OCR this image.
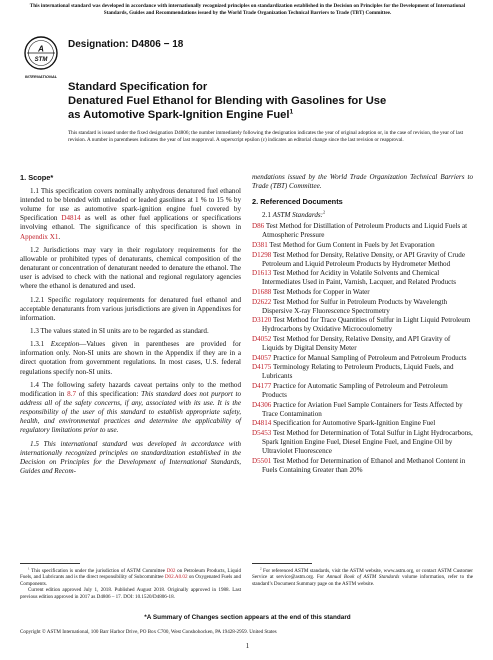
This international standard was developed in accordance with internationally recognized principles on standardization established in the Decision on Principles for the Development of International Standards, Guides and Recommendations issued by the World Trade Organization Technical Barriers to Trade (TBT) Committee.
A
STM
INTERNATIONAL
Designation: D4806 − 18
Standard Specification for
Denatured Fuel Ethanol for Blending with Gasolines for Use
as Automotive Spark-Ignition Engine Fuel$^1$
This standard is issued under the fixed designation D4806; the number immediately following the designation indicates the year of original adoption or, in the case of revision, the year of last revision. A number in parentheses indicates the year of last reapproval. A superscript epsilon (ε) indicates an editorial change since the last revision or reapproval.
1. Scope*

1.1 This specification covers nominally anhydrous denatured fuel ethanol intended to be blended with unleaded or leaded gasolines at 1 % to 15 % by volume for use as automotive spark-ignition engine fuel covered by Specification D4814 as well as other fuel applications or specifications involving ethanol. The significance of this specification is shown in Appendix X1.

1.2 Jurisdictions may vary in their regulatory requirements for the allowable or prohibited types of denaturants, chemical composition of the denaturant or concentration of denaturant needed to denature the ethanol. The user is advised to check with the national and regional regulatory agencies where the ethanol is denatured and used.

1.2.1 Specific regulatory requirements for denatured fuel ethanol and acceptable denaturants from various jurisdictions are given in Appendixes for information.

1.3 The values stated in SI units are to be regarded as standard.

1.3.1 Exception—Values given in parentheses are provided for information only. Non-SI units are shown in the Appendix if they are in a direct quotation from government regulations. In most cases, U.S. federal regulations specify non-SI units.

1.4 The following safety hazards caveat pertains only to the method modification in 8.7 of this specification: This standard does not purport to address all of the safety concerns, if any, associated with its use. It is the responsibility of the user of this standard to establish appropriate safety, health, and environmental practices and determine the applicability of regulatory limitations prior to use.

1.5 This international standard was developed in accordance with internationally recognized principles on standardization established in the Decision on Principles for the Development of International Standards, Guides and Recom-

mendations issued by the World Trade Organization Technical Barriers to Trade (TBT) Committee.

2. Referenced Documents

2.1 ASTM Standards:$^2$

D86 Test Method for Distillation of Petroleum Products and Liquid Fuels at Atmospheric Pressure
D381 Test Method for Gum Content in Fuels by Jet Evaporation
D1298 Test Method for Density, Relative Density, or API Gravity of Crude Petroleum and Liquid Petroleum Products by Hydrometer Method
D1613 Test Method for Acidity in Volatile Solvents and Chemical Intermediates Used in Paint, Varnish, Lacquer, and Related Products
D1688 Test Methods for Copper in Water
D2622 Test Method for Sulfur in Petroleum Products by Wavelength Dispersive X-ray Fluorescence Spectrometry
D3120 Test Method for Trace Quantities of Sulfur in Light Liquid Petroleum Hydrocarbons by Oxidative Microcoulometry
D4052 Test Method for Density, Relative Density, and API Gravity of Liquids by Digital Density Meter
D4057 Practice for Manual Sampling of Petroleum and Petroleum Products
D4175 Terminology Relating to Petroleum Products, Liquid Fuels, and Lubricants
D4177 Practice for Automatic Sampling of Petroleum and Petroleum Products
D4306 Practice for Aviation Fuel Sample Containers for Tests Affected by Trace Contamination
D4814 Specification for Automotive Spark-Ignition Engine Fuel
D5453 Test Method for Determination of Total Sulfur in Light Hydrocarbons, Spark Ignition Engine Fuel, Diesel Engine Fuel, and Engine Oil by Ultraviolet Fluorescence
D5501 Test Method for Determination of Ethanol and Methanol Content in Fuels Containing Greater than 20%
$^1$ This specification is under the jurisdiction of ASTM Committee D02 on Petroleum Products, Liquid Fuels, and Lubricants and is the direct responsibility of Subcommittee D02.A0.02 on Oxygenated Fuels and Components.
Current edition approved July 1, 2018. Published August 2018. Originally approved in 1988. Last previous edition approved in 2017 as D4806 – 17. DOI: 10.1520/D4806-18.
$^2$ For referenced ASTM standards, visit the ASTM website, www.astm.org, or contact ASTM Customer Service at service@astm.org. For Annual Book of ASTM Standards volume information, refer to the standard’s Document Summary page on the ASTM website.
*A Summary of Changes section appears at the end of this standard
Copyright © ASTM International, 100 Barr Harbor Drive, PO Box C700, West Conshohocken, PA 19428-2959. United States
1
